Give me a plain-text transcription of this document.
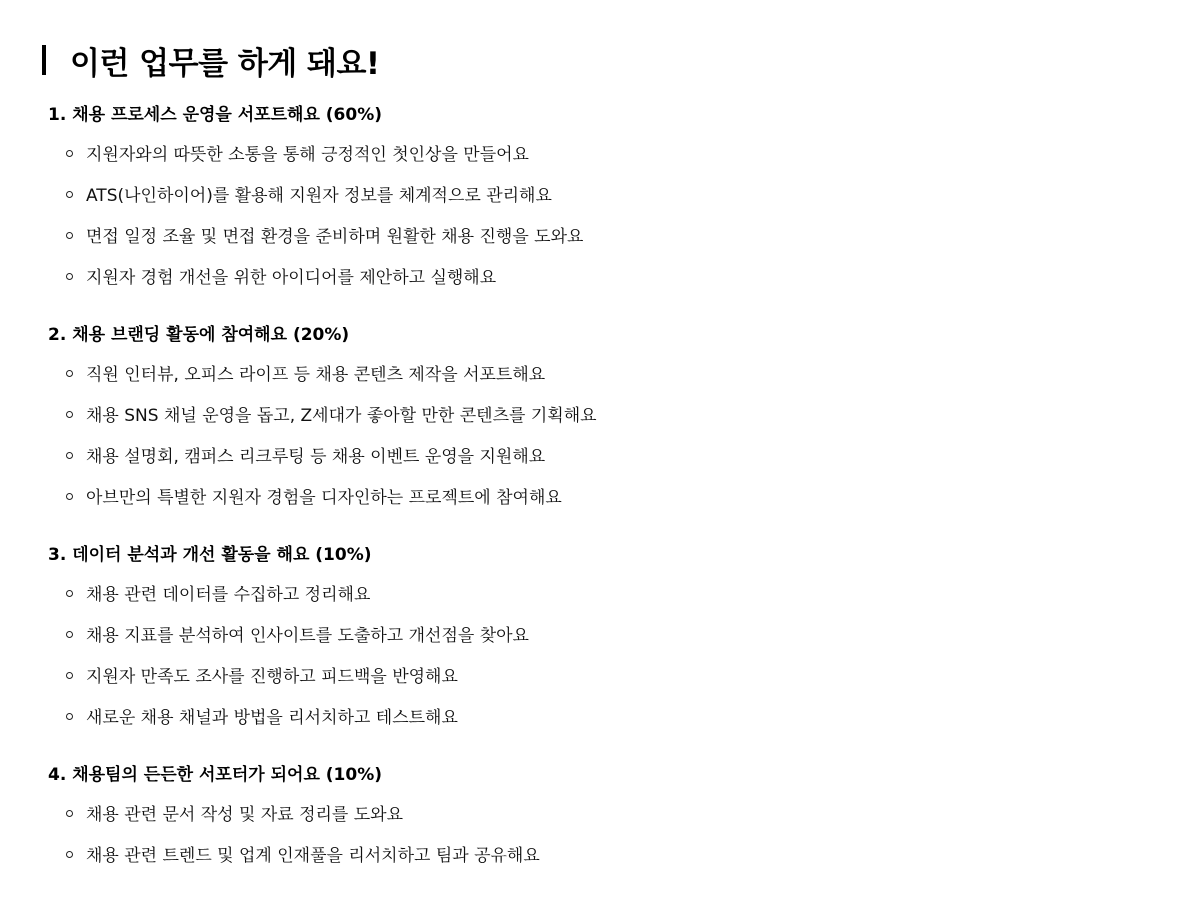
이런 업무를 하게 돼요!
1. 채용 프로세스 운영을 서포트해요 (60%)
지원자와의 따뜻한 소통을 통해 긍정적인 첫인상을 만들어요
ATS(나인하이어)를 활용해 지원자 정보를 체계적으로 관리해요
면접 일정 조율 및 면접 환경을 준비하며 원활한 채용 진행을 도와요
지원자 경험 개선을 위한 아이디어를 제안하고 실행해요
2. 채용 브랜딩 활동에 참여해요 (20%)
직원 인터뷰, 오피스 라이프 등 채용 콘텐츠 제작을 서포트해요
채용 SNS 채널 운영을 돕고, Z세대가 좋아할 만한 콘텐츠를 기획해요
채용 설명회, 캠퍼스 리크루팅 등 채용 이벤트 운영을 지원해요
아브만의 특별한 지원자 경험을 디자인하는 프로젝트에 참여해요
3. 데이터 분석과 개선 활동을 해요 (10%)
채용 관련 데이터를 수집하고 정리해요
채용 지표를 분석하여 인사이트를 도출하고 개선점을 찾아요
지원자 만족도 조사를 진행하고 피드백을 반영해요
새로운 채용 채널과 방법을 리서치하고 테스트해요
4. 채용팀의 든든한 서포터가 되어요 (10%)
채용 관련 문서 작성 및 자료 정리를 도와요
채용 관련 트렌드 및 업계 인재풀을 리서치하고 팀과 공유해요
